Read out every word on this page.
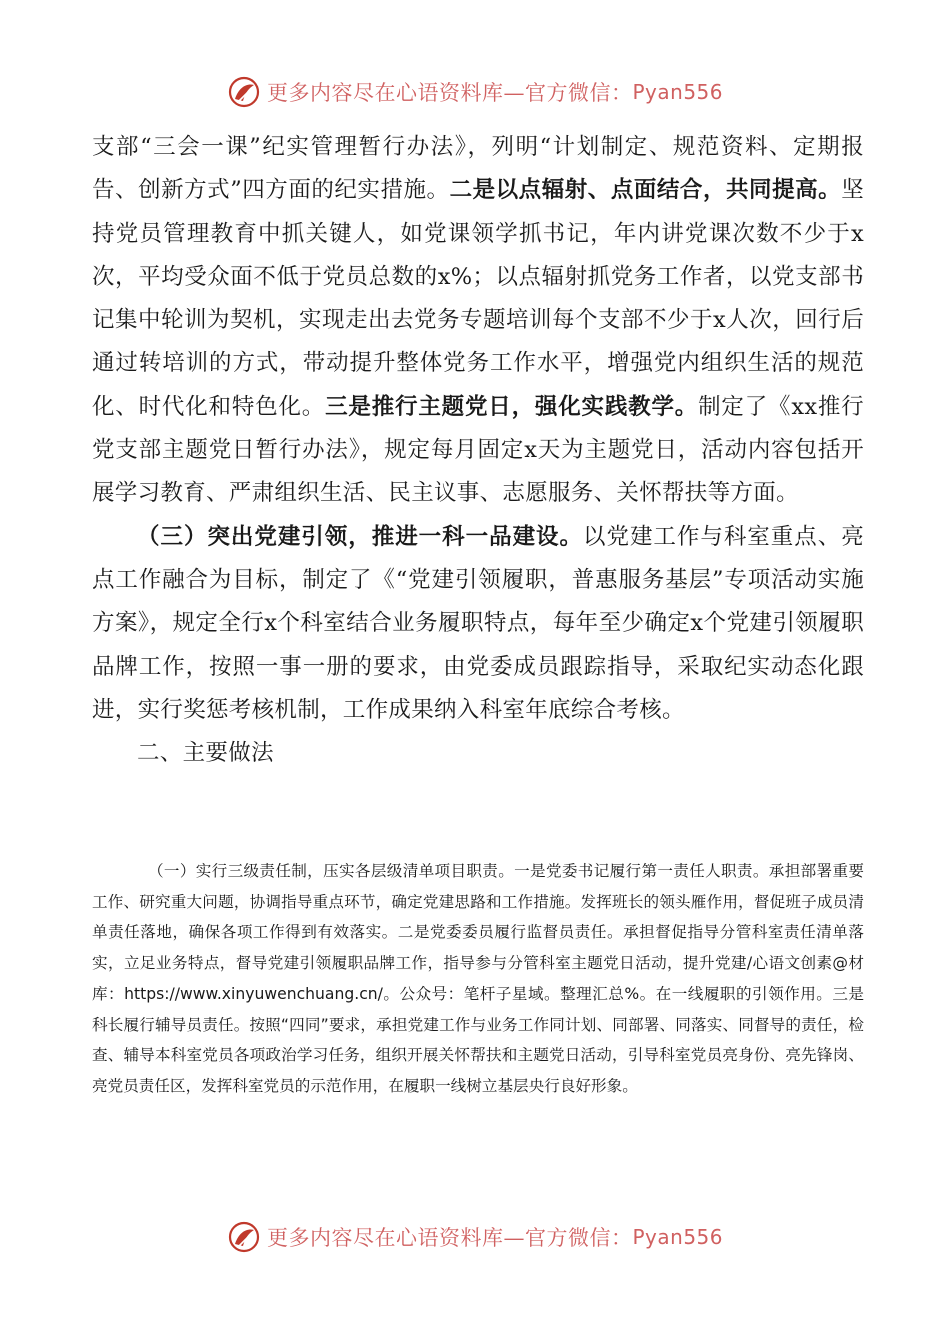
更多内容尽在心语资料库—官方微信： Pyan556

支部“三会一课”纪实管理暂行办法》，列明“计划制定、规范资料、定期报告、创新方式”四方面的纪实措施。二是以点辐射、点面结合，共同提高。坚持党员管理教育中抓关键人，如党课领学抓书记，年内讲党课次数不少于x次，平均受众面不低于党员总数的x%；以点辐射抓党务工作者，以党支部书记集中轮训为契机，实现走出去党务专题培训每个支部不少于x人次，回行后通过转培训的方式，带动提升整体党务工作水平，增强党内组织生活的规范化、时代化和特色化。三是推行主题党日，强化实践教学。制定了《xx推行党支部主题党日暂行办法》，规定每月固定x天为主题党日，活动内容包括开展学习教育、严肃组织生活、民主议事、志愿服务、关怀帮扶等方面。

（三）突出党建引领，推进一科一品建设。以党建工作与科室重点、亮点工作融合为目标，制定了《“党建引领履职，普惠服务基层”专项活动实施方案》，规定全行x个科室结合业务履职特点，每年至少确定x个党建引领履职品牌工作，按照一事一册的要求，由党委成员跟踪指导，采取纪实动态化跟进，实行奖惩考核机制，工作成果纳入科室年底综合考核。

二、主要做法

（一）实行三级责任制，压实各层级清单项目职责。一是党委书记履行第一责任人职责。承担部署重要工作、研究重大问题，协调指导重点环节，确定党建思路和工作措施。发挥班长的领头雁作用，督促班子成员清单责任落地，确保各项工作得到有效落实。二是党委委员履行监督员责任。承担督促指导分管科室责任清单落实，立足业务特点，督导党建引领履职品牌工作，指导参与分管科室主题党日活动，提升党建/心语文创素@材库：https://www.xinyuwenchuang.cn/。公众号：笔杆子星域。整理汇总%。在一线履职的引领作用。三是科长履行辅导员责任。按照“四同”要求，承担党建工作与业务工作同计划、同部署、同落实、同督导的责任，检查、辅导本科室党员各项政治学习任务，组织开展关怀帮扶和主题党日活动，引导科室党员亮身份、亮先锋岗、亮党员责任区，发挥科室党员的示范作用，在履职一线树立基层央行良好形象。

更多内容尽在心语资料库—官方微信： Pyan556
